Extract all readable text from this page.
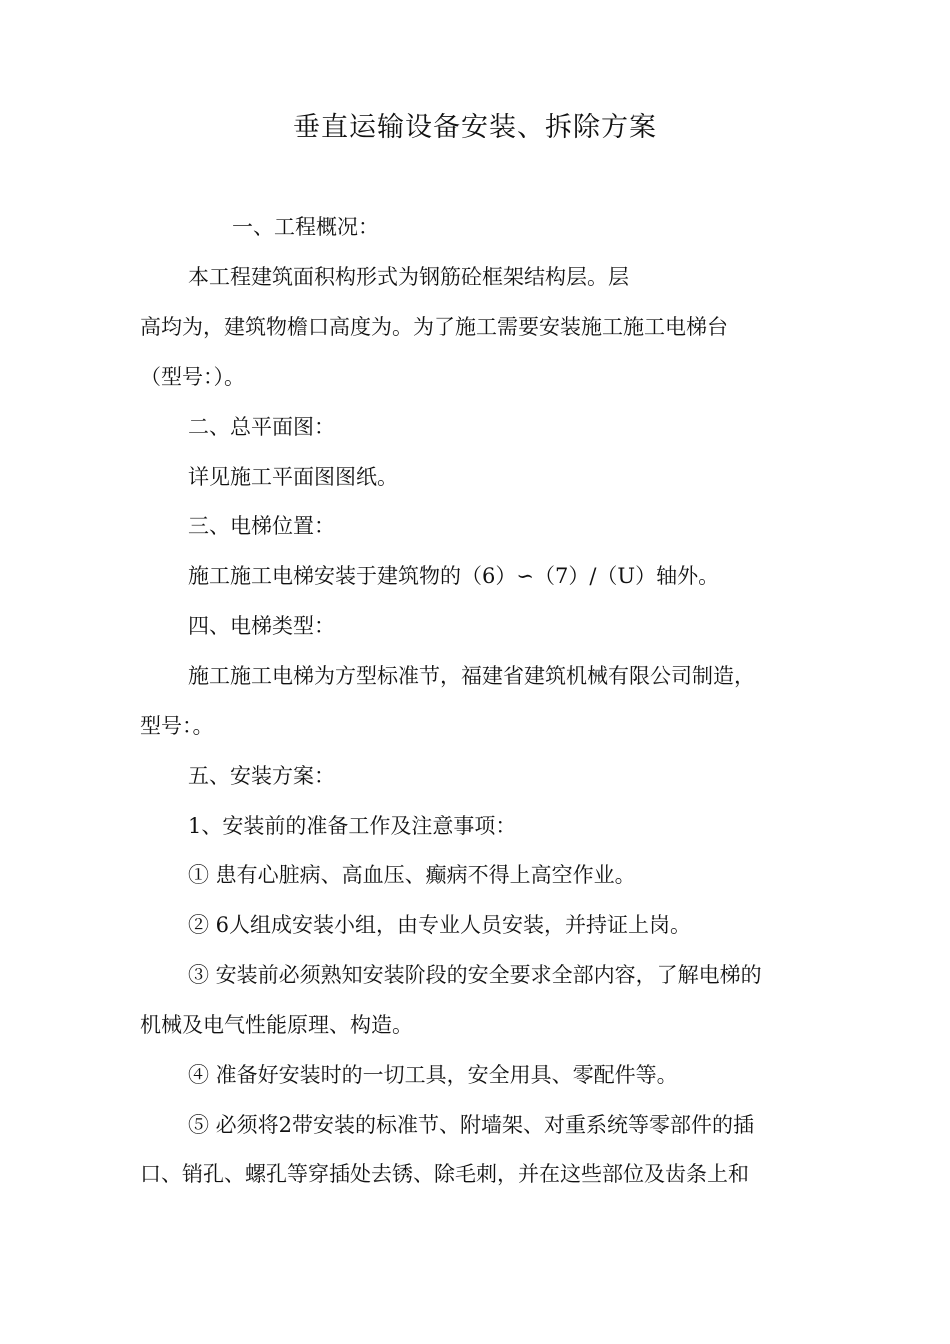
垂直运输设备安装、拆除方案
一、工程概况：
本工程建筑面积构形式为钢筋砼框架结构层。层
高均为，建筑物檐口高度为。为了施工需要安装施工施工电梯台
（型号：）。
二、总平面图：
详见施工平面图图纸。
三、电梯位置：
施工施工电梯安装于建筑物的（6）∽（7）/（U）轴外。
四、电梯类型：
施工施工电梯为方型标准节，福建省建筑机械有限公司制造，
型号：。
五、安装方案：
1、安装前的准备工作及注意事项：
① 患有心脏病、高血压、癫病不得上高空作业。
② 6人组成安装小组，由专业人员安装，并持证上岗。
③ 安装前必须熟知安装阶段的安全要求全部内容，了解电梯的
机械及电气性能原理、构造。
④ 准备好安装时的一切工具，安全用具、零配件等。
⑤ 必须将2带安装的标准节、附墙架、对重系统等零部件的插
口、销孔、螺孔等穿插处去锈、除毛刺，并在这些部位及齿条上和
